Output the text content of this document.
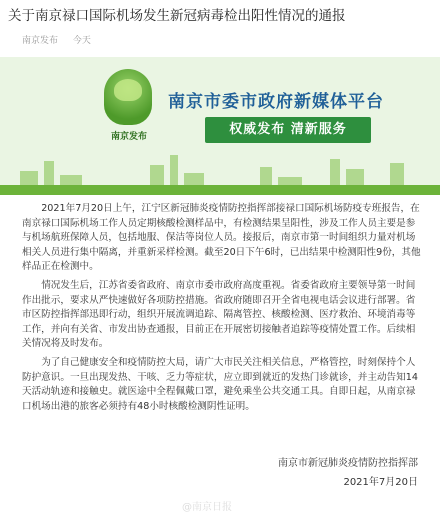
关于南京禄口国际机场发生新冠病毒检出阳性情况的通报
南京发布 今天
南京发布
南京市委市政府新媒体平台
权威发布 清新服务

2021年7月20日上午，江宁区新冠肺炎疫情防控指挥部接禄口国际机场防疫专班报告，在南京禄口国际机场工作人员定期核酸检测样品中，有检测结果呈阳性，涉及工作人员主要是参与机场航班保障人员，包括地服、保洁等岗位人员。接报后，南京市第一时间组织力量对机场相关人员进行集中隔离，并重新采样检测。截至20日下午6时，已出结果中检测阳性9份，其他样品正在检测中。

情况发生后，江苏省委省政府、南京市委市政府高度重视。省委省政府主要领导第一时间作出批示，要求从严快速做好各项防控措施。省政府随即召开全省电视电话会议进行部署。省市区防控指挥部迅即行动，组织开展流调追踪、隔离管控、核酸检测、医疗救治、环境消毒等工作，并向有关省、市发出协查通报，目前正在开展密切接触者追踪等疫情处置工作。后续相关情况将及时发布。

为了自己健康安全和疫情防控大局，请广大市民关注相关信息，严格管控，时刻保持个人防护意识。一旦出现发热、干咳、乏力等症状，应立即到就近的发热门诊就诊，并主动告知14天活动轨迹和接触史。就医途中全程佩戴口罩，避免乘坐公共交通工具。自即日起，从南京禄口机场出港的旅客必须持有48小时核酸检测阴性证明。

南京市新冠肺炎疫情防控指挥部
2021年7月20日
@南京日报
